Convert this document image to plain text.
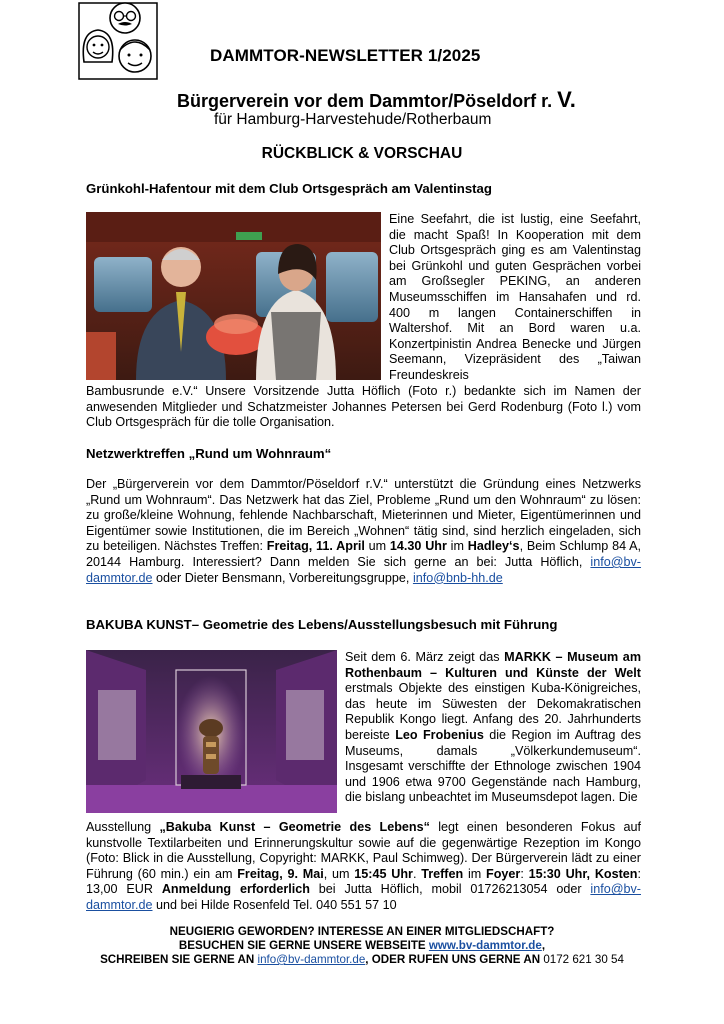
DAMMTOR-NEWSLETTER 1/2025
Bürgerverein vor dem Dammtor/Pöseldorf r. V.
für Hamburg-Harvestehude/Rotherbaum
RÜCKBLICK & VORSCHAU
Grünkohl-Hafentour mit dem Club Ortsgespräch am Valentinstag
Eine Seefahrt, die ist lustig, eine Seefahrt, die macht Spaß! In Kooperation mit dem Club Ortsgespräch ging es am Valentinstag bei Grünkohl und guten Gesprächen vorbei am Großsegler PEKING, an anderen Museumsschiffen im Hansahafen und rd. 400 m langen Containerschiffen in Waltershof. Mit an Bord waren u.a. Konzertpinistin Andrea Benecke und Jürgen Seemann, Vizepräsident des „Taiwan Freundeskreis
Bambusrunde e.V.“ Unsere Vorsitzende Jutta Höflich (Foto r.) bedankte sich im Namen der anwesenden Mitglieder und Schatzmeister Johannes Petersen bei Gerd Rodenburg (Foto l.) vom Club Ortsgespräch für die tolle Organisation.
Netzwerktreffen „Rund um Wohnraum“
Der „Bürgerverein vor dem Dammtor/Pöseldorf r.V.“ unterstützt die Gründung eines Netzwerks „Rund um Wohnraum“. Das Netzwerk hat das Ziel, Probleme „Rund um den Wohnraum“ zu lösen: zu große/kleine Wohnung, fehlende Nachbarschaft, Mieterinnen und Mieter, Eigentümerinnen und Eigentümer sowie Institutionen, die im Bereich „Wohnen“ tätig sind, sind herzlich eingeladen, sich zu beteiligen. Nächstes Treffen: Freitag, 11. April um 14.30 Uhr im Hadley‘s, Beim Schlump 84 A, 20144 Hamburg. Interessiert? Dann melden Sie sich gerne an bei: Jutta Höflich, info@bv-dammtor.de oder Dieter Bensmann, Vorbereitungsgruppe, info@bnb-hh.de
BAKUBA KUNST– Geometrie des Lebens/Ausstellungsbesuch mit Führung
Seit dem 6. März zeigt das MARKK – Museum am Rothenbaum – Kulturen und Künste der Welt erstmals Objekte des einstigen Kuba-Königreiches, das heute im Süwesten der Dekomakratischen Republik Kongo liegt. Anfang des 20. Jahrhunderts bereiste Leo Frobenius die Region im Auftrag des Museums, damals „Völkerkundemuseum“. Insgesamt verschiffte der Ethnologe zwischen 1904 und 1906 etwa 9700 Gegenstände nach Hamburg, die bislang unbeachtet im Museumsdepot lagen. Die
Ausstellung „Bakuba Kunst – Geometrie des Lebens“ legt einen besonderen Fokus auf kunstvolle Textilarbeiten und Erinnerungskultur sowie auf die gegenwärtige Rezeption im Kongo (Foto: Blick in die Ausstellung, Copyright: MARKK, Paul Schimweg). Der Bürgerverein lädt zu einer Führung (60 min.) ein am Freitag, 9. Mai, um 15:45 Uhr. Treffen im Foyer: 15:30 Uhr, Kosten: 13,00 EUR Anmeldung erforderlich bei Jutta Höflich, mobil 01726213054 oder info@bv-dammtor.de und bei Hilde Rosenfeld Tel. 040 551 57 10
NEUGIERIG GEWORDEN? INTERESSE AN EINER MITGLIEDSCHAFT?
BESUCHEN SIE GERNE UNSERE WEBSEITE www.bv-dammtor.de,
SCHREIBEN SIE GERNE AN info@bv-dammtor.de, ODER RUFEN UNS GERNE AN 0172 621 30 54
